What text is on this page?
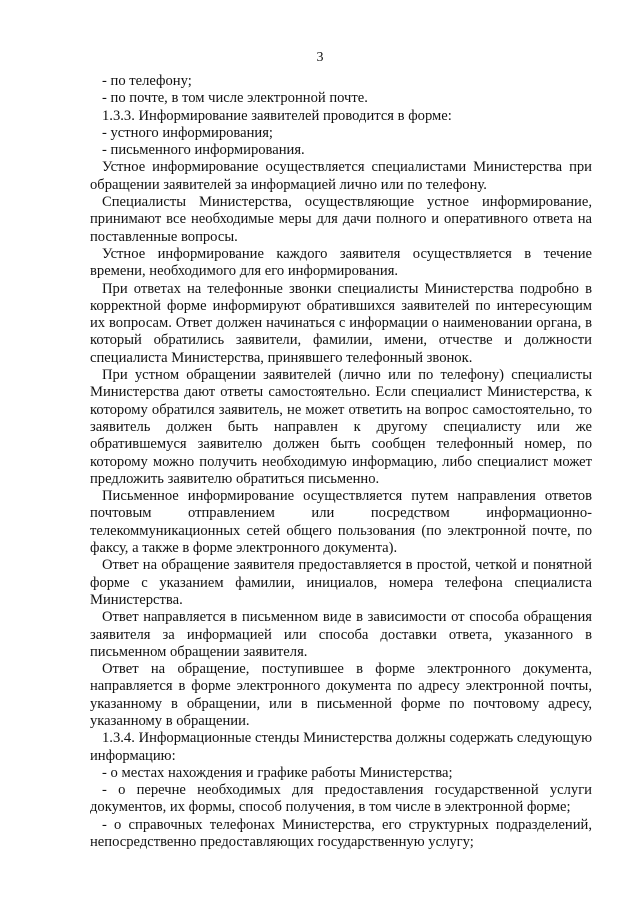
3

- по телефону;

- по почте, в том числе электронной почте.

1.3.3. Информирование заявителей проводится в форме:

- устного информирования;

- письменного информирования.

Устное информирование осуществляется специалистами Министерства при обращении заявителей за информацией лично или по телефону.

Специалисты Министерства, осуществляющие устное информирование, принимают все необходимые меры для дачи полного и оперативного ответа на поставленные вопросы.

Устное информирование каждого заявителя осуществляется в течение времени, необходимого для его информирования.

При ответах на телефонные звонки специалисты Министерства подробно в корректной форме информируют обратившихся заявителей по интересующим их вопросам. Ответ должен начинаться с информации о наименовании органа, в который обратились заявители, фамилии, имени, отчестве и должности специалиста Министерства, принявшего телефонный звонок.

При устном обращении заявителей (лично или по телефону) специалисты Министерства дают ответы самостоятельно. Если специалист Министерства, к которому обратился заявитель, не может ответить на вопрос самостоятельно, то заявитель должен быть направлен к другому специалисту или же обратившемуся заявителю должен быть сообщен телефонный номер, по которому можно получить необходимую информацию, либо специалист может предложить заявителю обратиться письменно.

Письменное информирование осуществляется путем направления ответов почтовым отправлением или посредством информационно-телекоммуникационных сетей общего пользования (по электронной почте, по факсу, а также в форме электронного документа).

Ответ на обращение заявителя предоставляется в простой, четкой и понятной форме с указанием фамилии, инициалов, номера телефона специалиста Министерства.

Ответ направляется в письменном виде в зависимости от способа обращения заявителя за информацией или способа доставки ответа, указанного в письменном обращении заявителя.

Ответ на обращение, поступившее в форме электронного документа, направляется в форме электронного документа по адресу электронной почты, указанному в обращении, или в письменной форме по почтовому адресу, указанному в обращении.

1.3.4. Информационные стенды Министерства должны содержать следующую информацию:

- о местах нахождения и графике работы Министерства;

- о перечне необходимых для предоставления государственной услуги документов, их формы, способ получения, в том числе в электронной форме;

- о справочных телефонах Министерства, его структурных подразделений, непосредственно предоставляющих государственную услугу;
